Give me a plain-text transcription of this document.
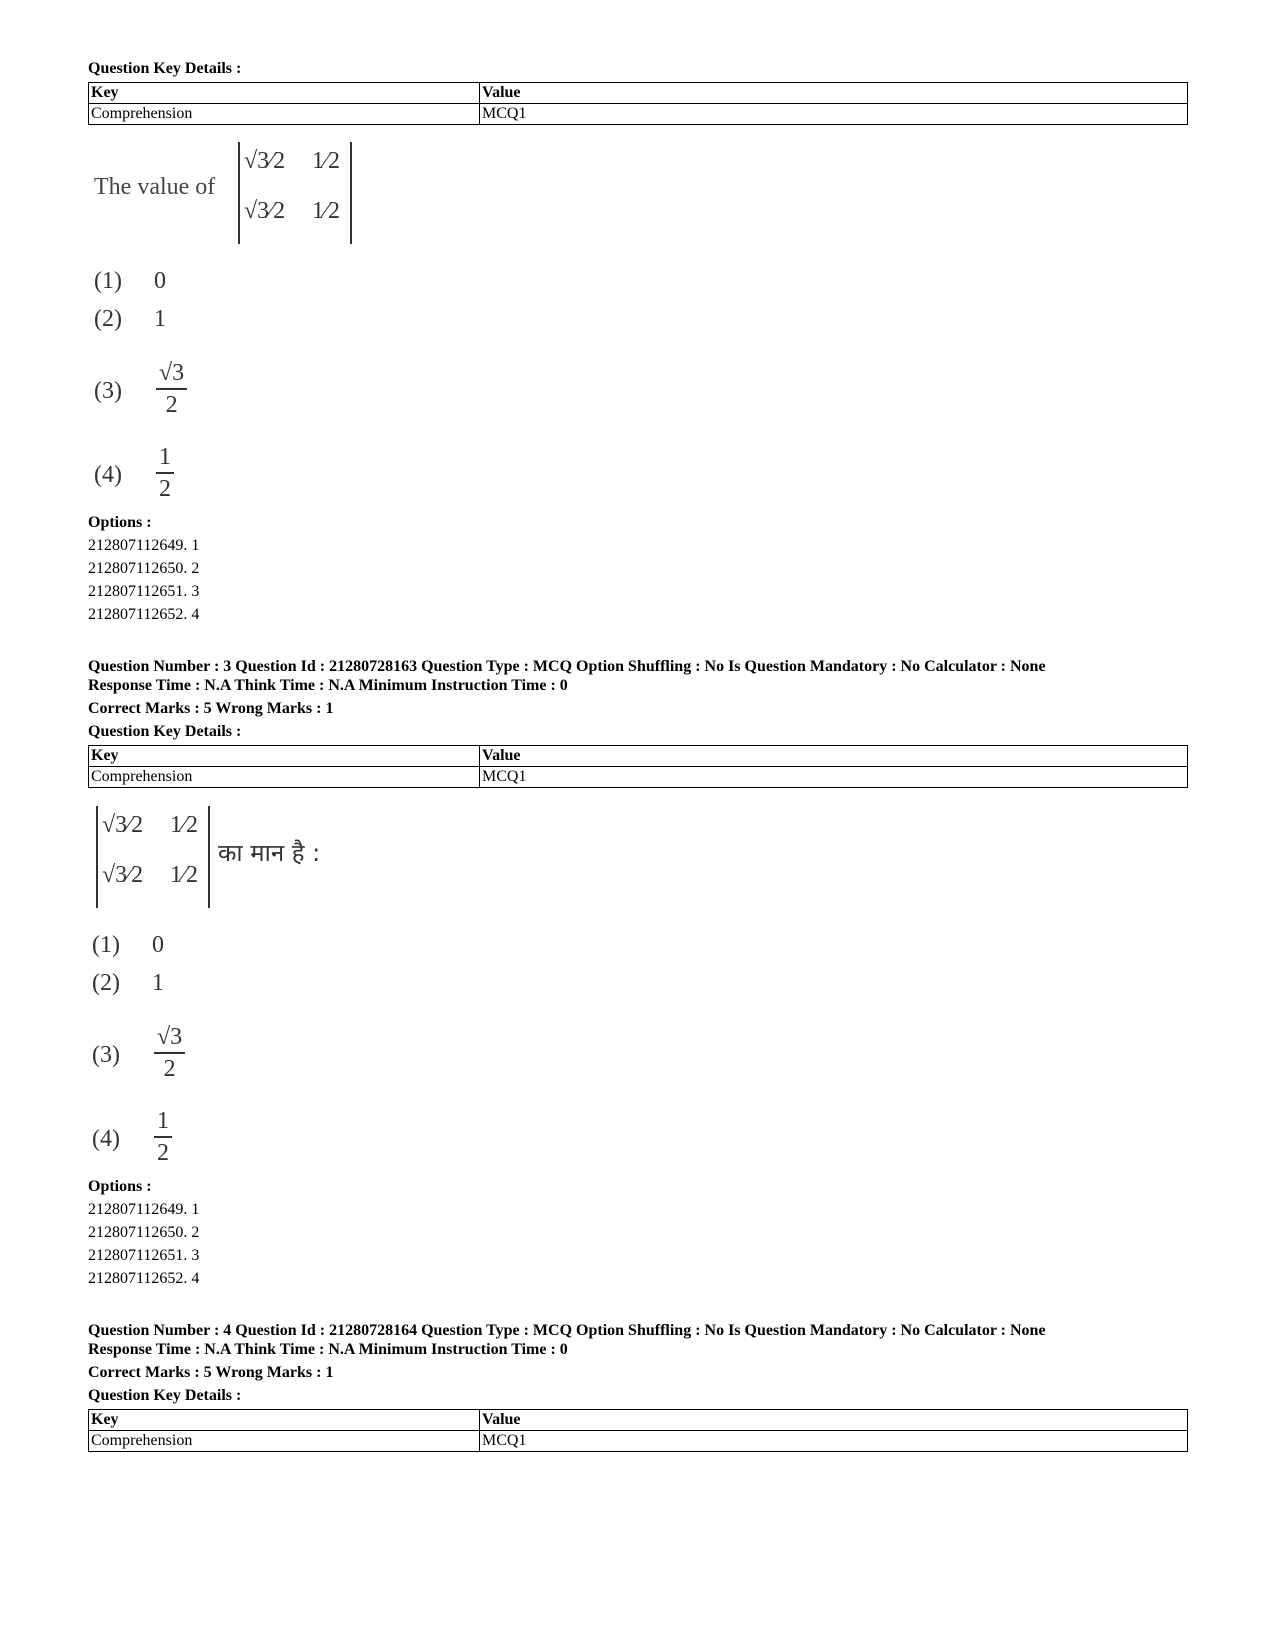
Question Key Details :
Key	Value
Comprehension	MCQ1
The value of
√3⁄2 1⁄2
√3⁄2 1⁄2
(1) 0
(2) 1
$(3) \frac{√3}{2}$
$(4) \frac{1}{2}$
Options :
212807112649. 1
212807112650. 2
212807112651. 3
212807112652. 4
Question Number : 3 Question Id : 21280728163 Question Type : MCQ Option Shuffling : No Is Question Mandatory : No Calculator : None
Response Time : N.A Think Time : N.A Minimum Instruction Time : 0
Correct Marks : 5 Wrong Marks : 1
Question Key Details :
Key	Value
Comprehension	MCQ1
√3⁄2 1⁄2
√3⁄2 1⁄2
का मान है :
(1) 0
(2) 1
$(3) \frac{√3}{2}$
$(4) \frac{1}{2}$
Options :
212807112649. 1
212807112650. 2
212807112651. 3
212807112652. 4
Question Number : 4 Question Id : 21280728164 Question Type : MCQ Option Shuffling : No Is Question Mandatory : No Calculator : None
Response Time : N.A Think Time : N.A Minimum Instruction Time : 0
Correct Marks : 5 Wrong Marks : 1
Question Key Details :
Key	Value
Comprehension	MCQ1
